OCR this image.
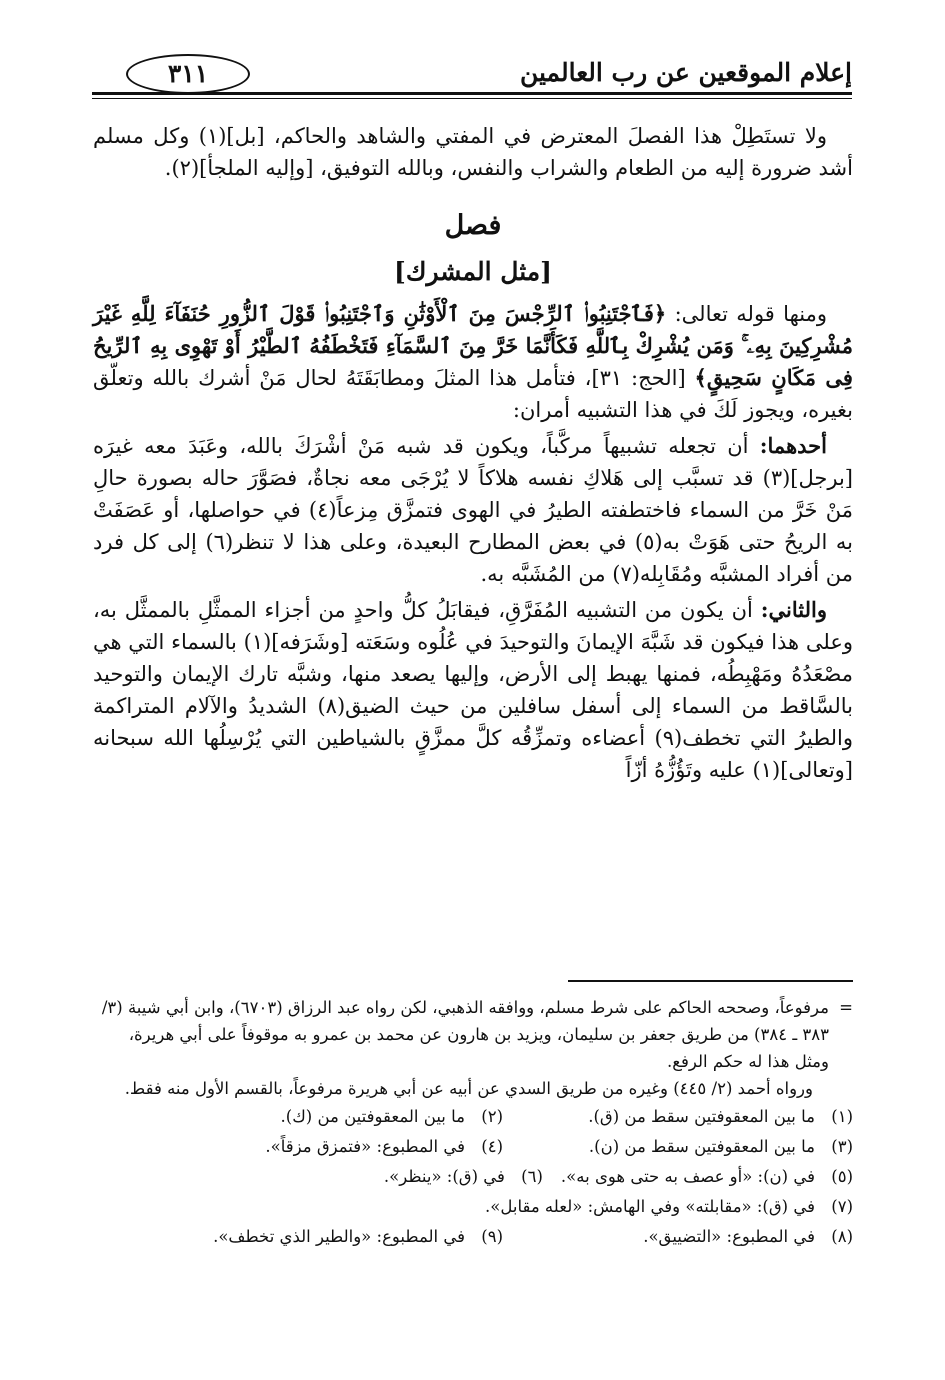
إعلام الموقعين عن رب العالمين
٣١١

ولا تستَطِلْ هذا الفصلَ المعترض في المفتي والشاهد والحاكم، [بل](١) وكل مسلم أشد ضرورة إليه من الطعام والشراب والنفس، وبالله التوفيق، [وإليه الملجأ](٢).

فصل
[مثل المشرك]

ومنها قوله تعالى: ﴿فَٱجْتَنِبُوا۟ ٱلرِّجْسَ مِنَ ٱلْأَوْثَٰنِ وَٱجْتَنِبُوا۟ قَوْلَ ٱلزُّورِ حُنَفَآءَ لِلَّهِ غَيْرَ مُشْرِكِينَ بِهِۦ ۚ وَمَن يُشْرِكْ بِٱللَّهِ فَكَأَنَّمَا خَرَّ مِنَ ٱلسَّمَآءِ فَتَخْطَفُهُ ٱلطَّيْرُ أَوْ تَهْوِى بِهِ ٱلرِّيحُ فِى مَكَانٍ سَحِيقٍ﴾ [الحج: ٣١]، فتأمل هذا المثلَ ومطابَقَتَهُ لحال مَنْ أشرك بالله وتعلّق بغيره، ويجوز لَكَ في هذا التشبيه أمران:

أحدهما: أن تجعله تشبيهاً مركَّباً، ويكون قد شبه مَنْ أشْرَكَ بالله، وعَبَدَ معه غيرَه [برجل](٣) قد تسبَّب إلى هَلاكِ نفسه هلاكاً لا يُرْجَى معه نجاةٌ، فصَوَّرَ حاله بصورة حالِ مَنْ خَرَّ من السماء فاختطفته الطيرُ في الهوى فتمزَّق مِزعاً(٤) في حواصلها، أو عَصَفَتْ به الريحُ حتى هَوَتْ به(٥) في بعض المطارح البعيدة، وعلى هذا لا تنظر(٦) إلى كل فرد من أفراد المشبَّه ومُقَابِله(٧) من المُشَبَّه به.

والثاني: أن يكون من التشبيه المُفَرَّقِ، فيقابَلُ كلُّ واحدٍ من أجزاء الممثَّلِ بالممثَّل به، وعلى هذا فيكون قد شَبَّهَ الإيمانَ والتوحيدَ في عُلُوه وسَعَته [وشَرَفه](١) بالسماء التي هي مصْعَدُهُ ومَهْبِطُه، فمنها يهبط إلى الأرض، وإليها يصعد منها، وشبَّه تارك الإيمان والتوحيد بالسَّاقط من السماء إلى أسفل سافلين من حيث الضيق(٨) الشديدُ والآلام المتراكمة والطيرُ التي تخطف(٩) أعضاءه وتمزِّقُه كلَّ ممزَّقٍ بالشياطين التي يُرْسِلُها الله سبحانه [وتعالى](١) عليه وتَؤُزُّهُ أزّاً

=
مرفوعاً، وصححه الحاكم على شرط مسلم، ووافقه الذهبي، لكن رواه عبد الرزاق (٦٧٠٣)، وابن أبي شيبة (٣/ ٣٨٣ ـ ٣٨٤) من طريق جعفر بن سليمان، ويزيد بن هارون عن محمد بن عمرو به موقوفاً على أبي هريرة، ومثل هذا له حكم الرفع.

ورواه أحمد (٢/ ٤٤٥) وغيره من طريق السدي عن أبيه عن أبي هريرة مرفوعاً، بالقسم الأول منه فقط.

(١)
ما بين المعقوفتين سقط من (ق).
(٢)
ما بين المعقوفتين من (ك).
(٣)
ما بين المعقوفتين سقط من (ن).
(٤)
في المطبوع: «فتمزق مزقاً».
(٥)
في (ن): «أو عصف به حتى هوى به».
(٦)
في (ق): «ينظر».
(٧)
في (ق): «مقابلته» وفي الهامش: «لعله مقابل».
(٨)
في المطبوع: «التضييق».
(٩)
في المطبوع: «والطير الذي تخطف».
